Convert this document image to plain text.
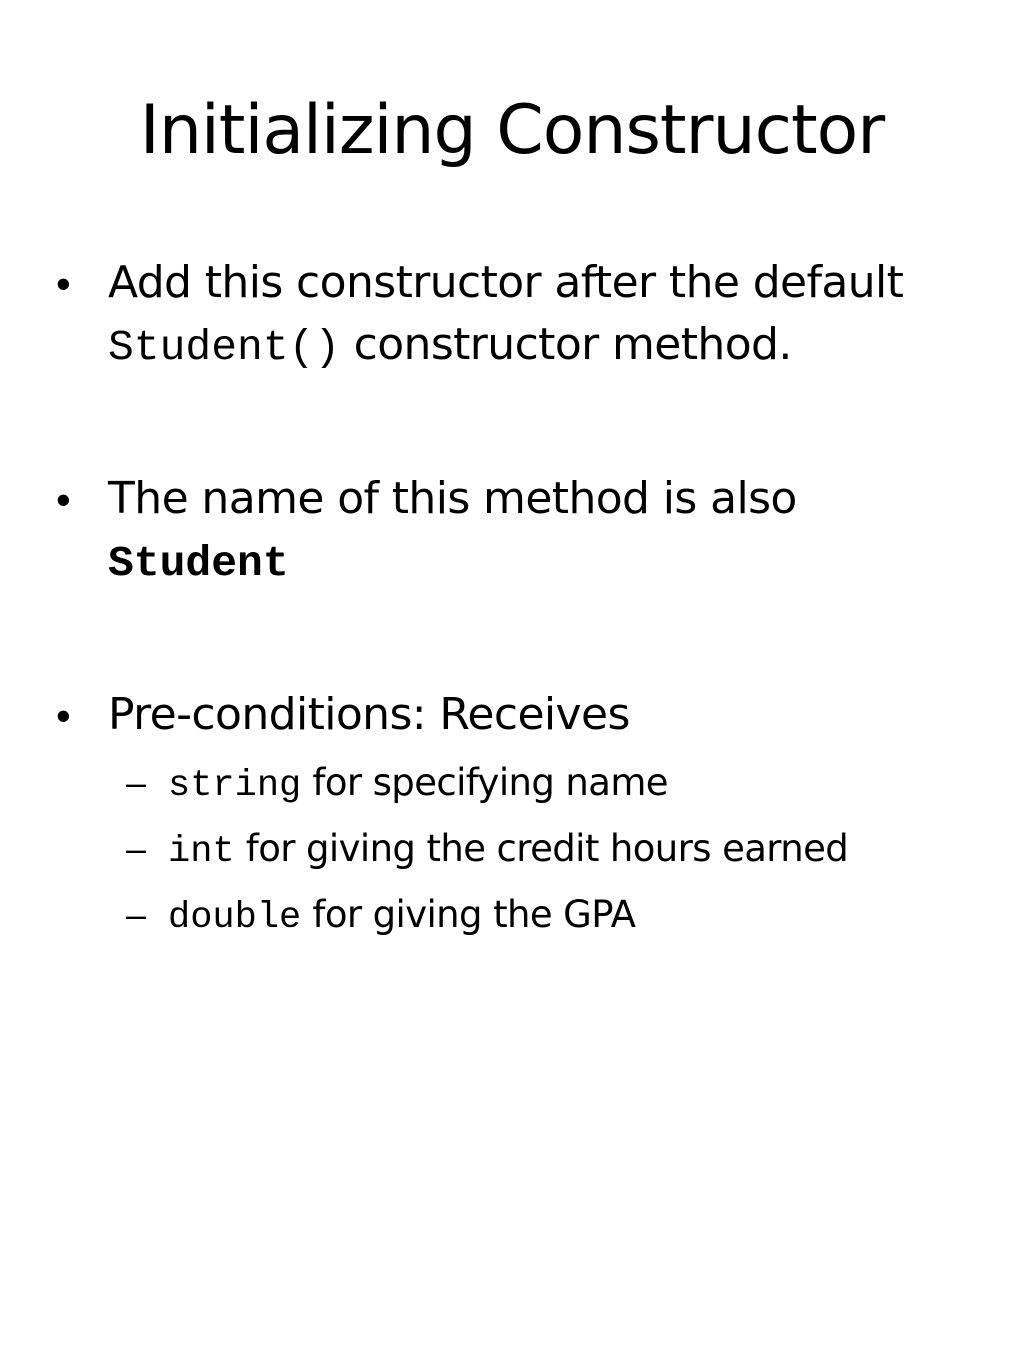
Initializing Constructor
• Add this constructor after the default
Student() constructor method.
• The name of this method is also
Student
• Pre-conditions: Receives
– string for specifying name
– int for giving the credit hours earned
– double for giving the GPA
